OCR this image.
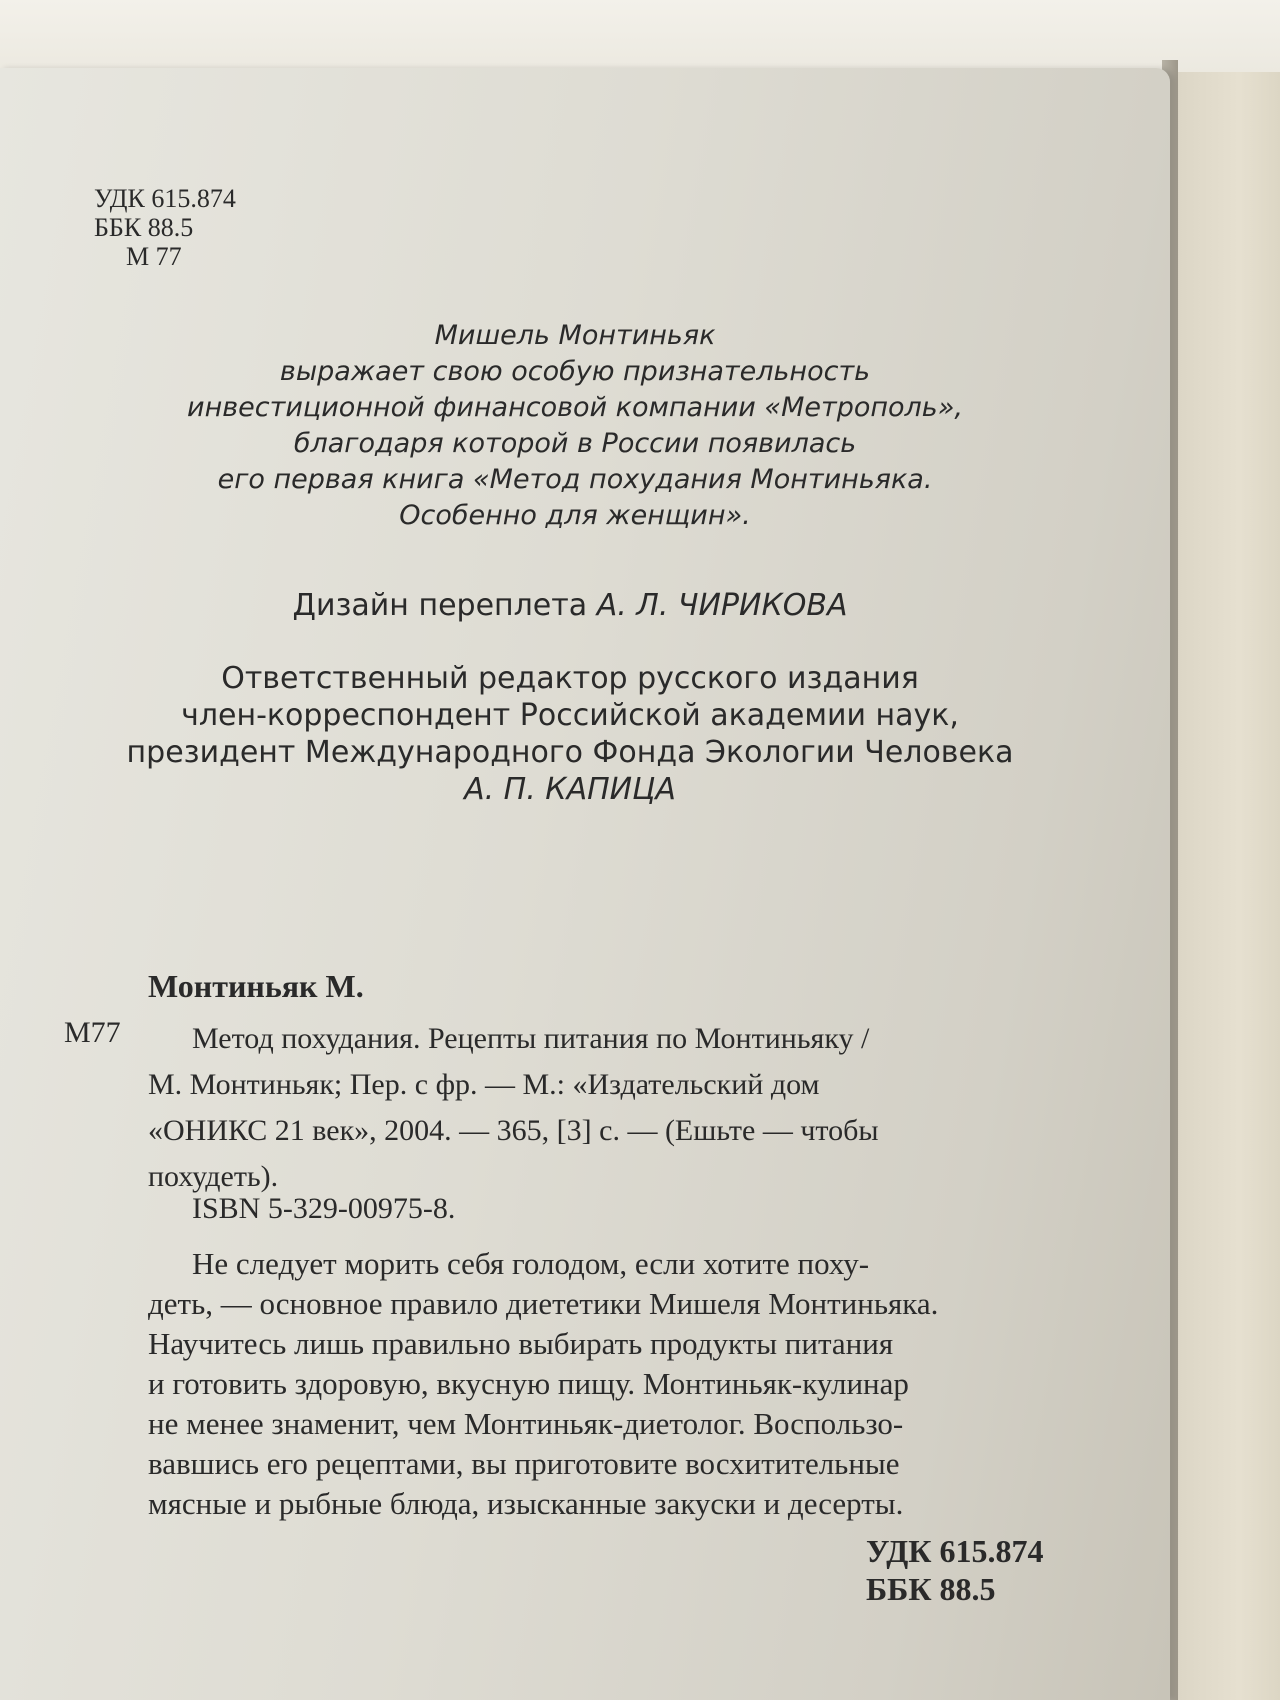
УДК 615.874
ББК 88.5
М 77
Мишель Монтиньяк
выражает свою особую признательность
инвестиционной финансовой компании «Метрополь»,
благодаря которой в России появилась
его первая книга «Метод похудания Монтиньяка.
Особенно для женщин».
Дизайн переплета А. Л. ЧИРИКОВА
Ответственный редактор русского издания
член-корреспондент Российской академии наук,
президент Международного Фонда Экологии Человека
А. П. КАПИЦА
Монтиньяк М.
М77	Метод похудания. Рецепты питания по Монтиньяку /
М. Монтиньяк; Пер. с фр. — М.: «Издательский дом
«ОНИКС 21 век», 2004. — 365, [3] с. — (Ешьте — чтобы
похудеть).
ISBN 5-329-00975-8.
Не следует морить себя голодом, если хотите поху-
деть, — основное правило диететики Мишеля Монтиньяка.
Научитесь лишь правильно выбирать продукты питания
и готовить здоровую, вкусную пищу. Монтиньяк-кулинар
не менее знаменит, чем Монтиньяк-диетолог. Воспользо-
вавшись его рецептами, вы приготовите восхитительные
мясные и рыбные блюда, изысканные закуски и десерты.
УДК 615.874
ББК 88.5
